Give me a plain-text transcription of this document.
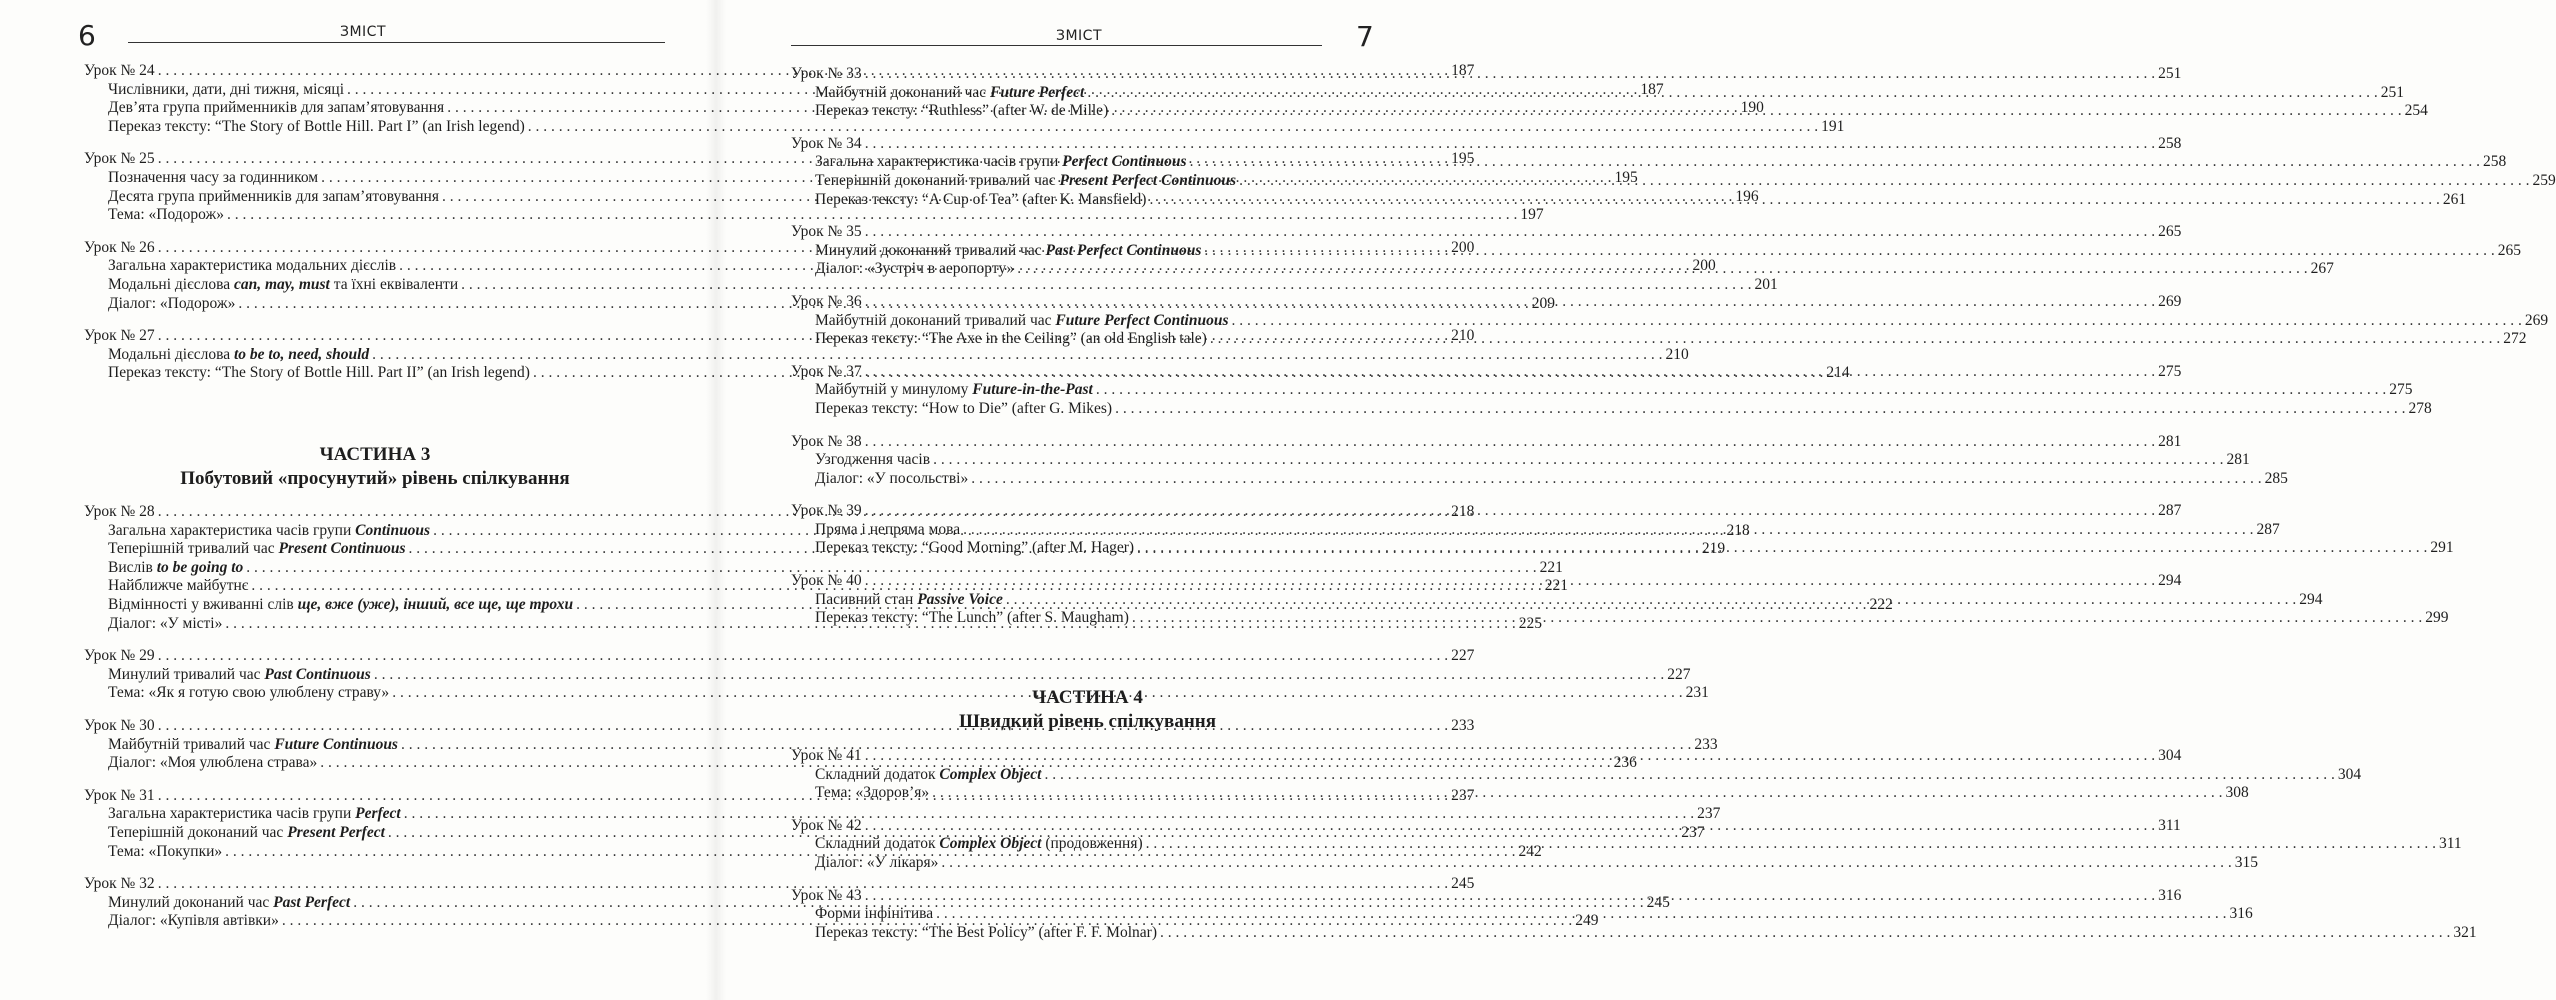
6	ЗМІСТ
Урок № 24 . . .	187
Числівники, дати, дні тижня, місяці . . .	187
Дев’ята група прийменників для запам’ятовування . . .	190
Переказ тексту: “The Story of Bottle Hill. Part I” (an Irish legend) . . .	191
Урок № 25 . . .	195
Позначення часу за годинником . . .	195
Десята група прийменників для запам’ятовування . . .	196
Тема: «Подорож» . . .	197
Урок № 26 . . .	200
Загальна характеристика модальних дієслів . . .	200
Модальні дієслова can, may, must та їхні еквіваленти . . .	201
Діалог: «Подорож» . . .	209
Урок № 27 . . .	210
Модальні дієслова to be to, need, should . . .	210
Переказ тексту: “The Story of Bottle Hill. Part II” (an Irish legend) . . .	214
ЧАСТИНА 3
Побутовий «просунутий» рівень спілкування
Урок № 28 . . .	218
Загальна характеристика часів групи Continuous . . .	218
Теперішній тривалий час Present Continuous . . .	219
Вислів to be going to . . .	221
Найближче майбутнє . . .	221
Відмінності у вживанні слів ще, вже (уже), інший, все ще, ще трохи . . .	222
Діалог: «У місті» . . .	225
Урок № 29 . . .	227
Минулий тривалий час Past Continuous . . .	227
Тема: «Як я готую свою улюблену страву» . . .	231
Урок № 30 . . .	233
Майбутній тривалий час Future Continuous . . .	233
Діалог: «Моя улюблена страва» . . .	236
Урок № 31 . . .	237
Загальна характеристика часів групи Perfect . . .	237
Теперішній доконаний час Present Perfect . . .	237
Тема: «Покупки» . . .	242
Урок № 32 . . .	245
Минулий доконаний час Past Perfect . . .	245
Діалог: «Купівля автівки» . . .	249
ЗМІСТ	7
Урок № 33 . . .	251
Майбутній доконаний час Future Perfect . . .	251
Переказ тексту: “Ruthless” (after W. de Mille) . . .	254
Урок № 34 . . .	258
Загальна характеристика часів групи Perfect Continuous . . .	258
Теперішній доконаний тривалий час Present Perfect Continuous . . .	259
Переказ тексту: “A Cup of Tea” (after K. Mansfield) . . .	261
Урок № 35 . . .	265
Минулий доконаний тривалий час Past Perfect Continuous . . .	265
Діалог: «Зустріч в аеропорту» . . .	267
Урок № 36 . . .	269
Майбутній доконаний тривалий час Future Perfect Continuous . . .	269
Переказ тексту: “The Axe in the Ceiling” (an old English tale) . . .	272
Урок № 37 . . .	275
Майбутній у минулому Future-in-the-Past . . .	275
Переказ тексту: “How to Die” (after G. Mikes) . . .	278
Урок № 38 . . .	281
Узгодження часів . . .	281
Діалог: «У посольстві» . . .	285
Урок № 39 . . .	287
Пряма і непряма мова . . .	287
Переказ тексту: “Good Morning” (after M. Hager) . . .	291
Урок № 40 . . .	294
Пасивний стан Passive Voice . . .	294
Переказ тексту: “The Lunch” (after S. Maugham) . . .	299
ЧАСТИНА 4
Швидкий рівень спілкування
Урок № 41 . . .	304
Складний додаток Complex Object . . .	304
Тема: «Здоров’я» . . .	308
Урок № 42 . . .	311
Складний додаток Complex Object (продовження) . . .	311
Діалог: «У лікаря» . . .	315
Урок № 43 . . .	316
Форми інфінітива . . .	316
Переказ тексту: “The Best Policy” (after F. F. Molnar) . . .	321
